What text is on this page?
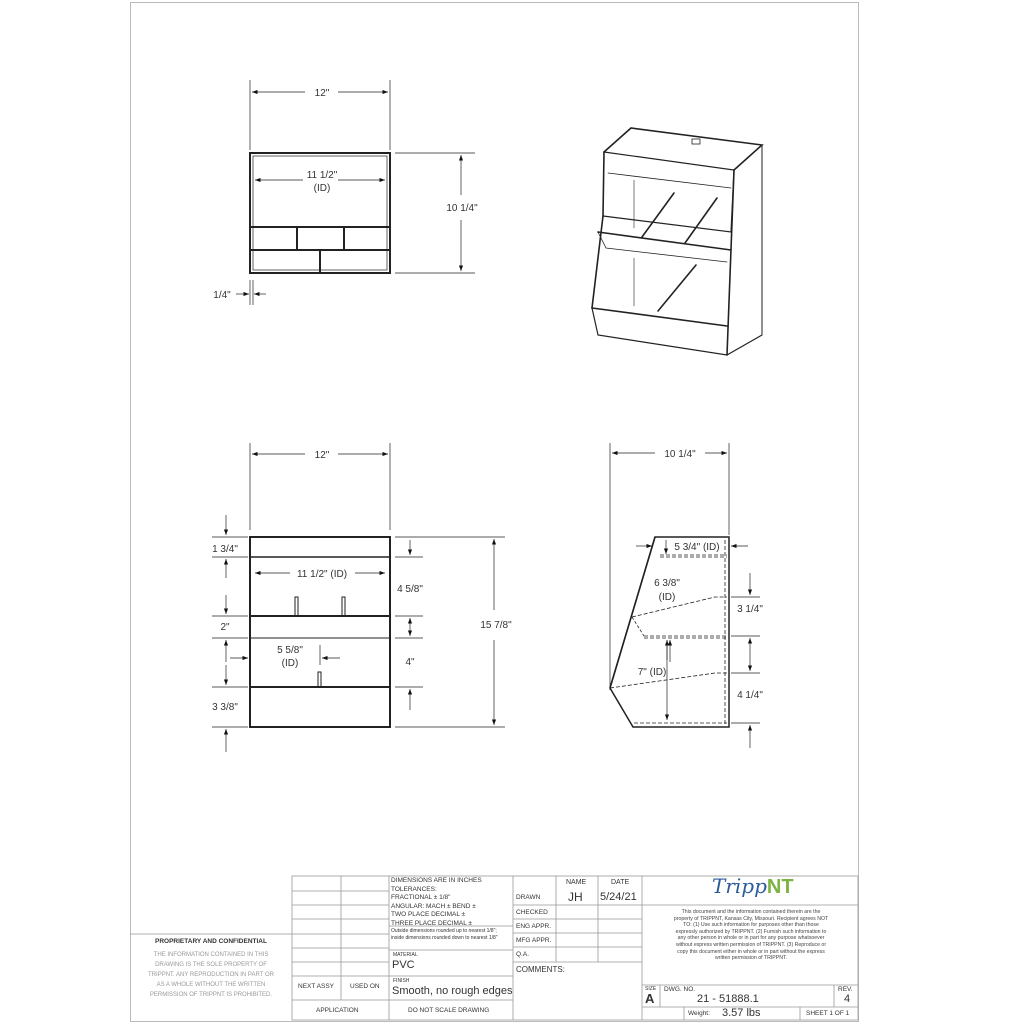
12"
11 1/2"
(ID)
10 1/4"
1/4"
12"
11 1/2" (ID)
1 3/4"
2"
3 3/8"
4 5/8"
4"
15 7/8"
5 5/8"
(ID)
10 1/4"
5 3/4" (ID)
6 3/8"
(ID)
7" (ID)
3 1/4"
4 1/4"
PROPRIETARY AND CONFIDENTIAL
THE INFORMATION CONTAINED IN THIS DRAWING IS THE SOLE PROPERTY OF TRIPPNT. ANY REPRODUCTION IN PART OR AS A WHOLE WITHOUT THE WRITTEN PERMISSION OF TRIPPNT IS PROHIBITED.
NEXT ASSY USED ON
APPLICATION
DIMENSIONS ARE IN INCHES
TOLERANCES:
FRACTIONAL ± 1/8"
ANGULAR: MACH ± BEND ±
TWO PLACE DECIMAL ±
THREE PLACE DECIMAL ±
Outside dimensions rounded up to nearest 1/8"; inside dimensions rounded down to nearest 1/8"
MATERIAL
PVC
FINISH
Smooth, no rough edges
DO NOT SCALE DRAWING
NAME	DATE
DRAWN JH 5/24/21
CHECKED
ENG APPR.
MFG APPR.
Q.A.
COMMENTS:
TrippNT
This document and the information contained therein are the property of TRIPPNT, Kansas City, Missouri. Recipient agrees NOT TO: (1) Use such information for purposes other than those expressly authorized by TRIPPNT. (2) Furnish such information to any other person in whole or in part for any purpose whatsoever without express written permission of TRIPPNT. (3) Reproduce or copy this document either in whole or in part without the express written permission of TRIPPNT.
SIZE
A
DWG. NO.
21 - 51888.1
REV.
4
Weight: 3.57 lbs	SHEET 1 OF 1
